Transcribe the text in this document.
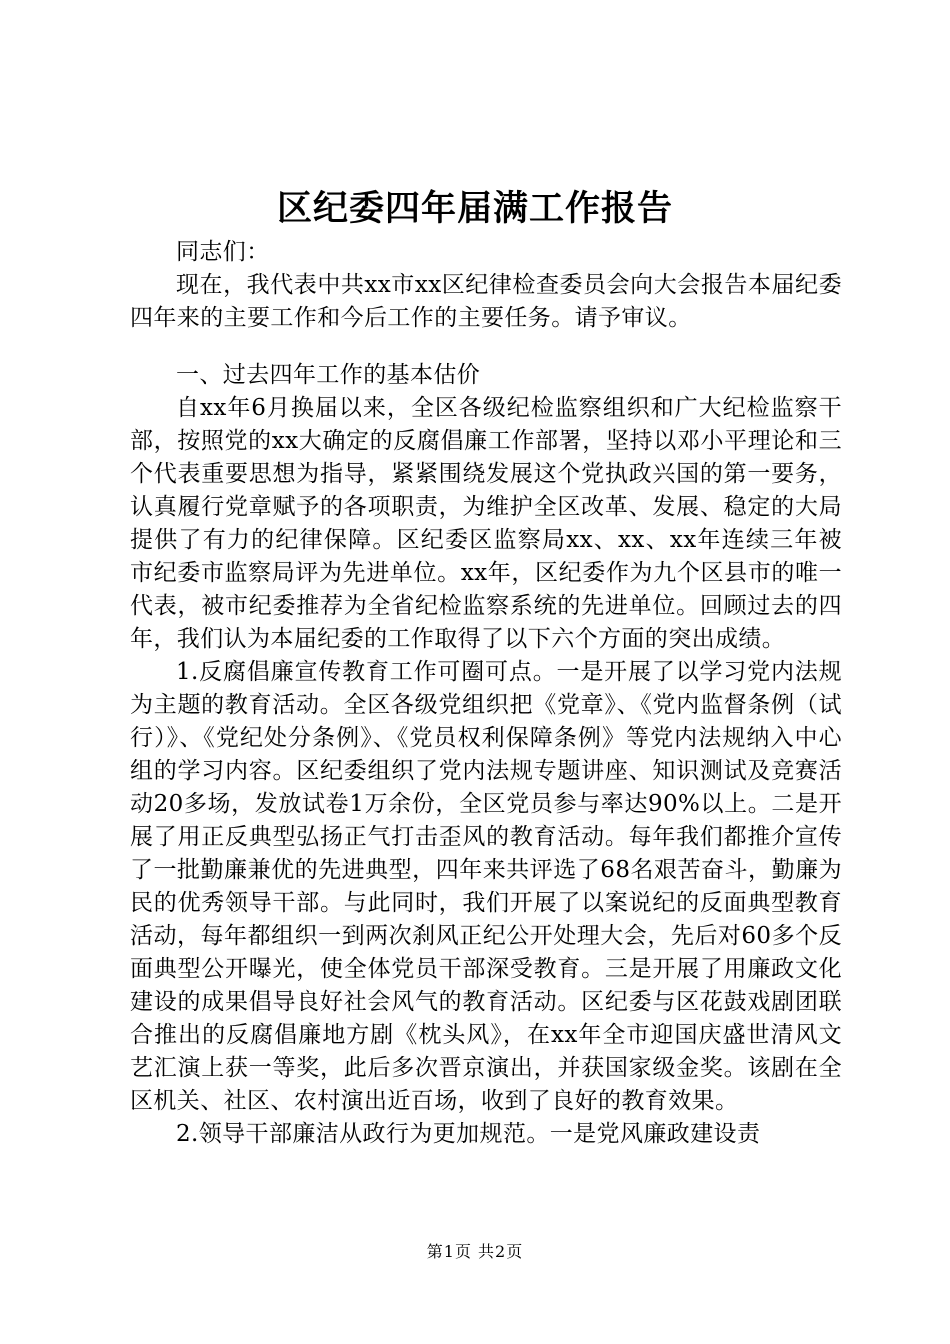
区纪委四年届满工作报告

同志们：

现在，我代表中共xx市xx区纪律检查委员会向大会报告本届纪委四年来的主要工作和今后工作的主要任务。请予审议。

一、过去四年工作的基本估价

自xx年6月换届以来，全区各级纪检监察组织和广大纪检监察干部，按照党的xx大确定的反腐倡廉工作部署，坚持以邓小平理论和三个代表重要思想为指导，紧紧围绕发展这个党执政兴国的第一要务，认真履行党章赋予的各项职责，为维护全区改革、发展、稳定的大局提供了有力的纪律保障。区纪委区监察局xx、xx、xx年连续三年被市纪委市监察局评为先进单位。xx年，区纪委作为九个区县市的唯一代表，被市纪委推荐为全省纪检监察系统的先进单位。回顾过去的四年，我们认为本届纪委的工作取得了以下六个方面的突出成绩。

1.反腐倡廉宣传教育工作可圈可点。一是开展了以学习党内法规为主题的教育活动。全区各级党组织把《党章》、《党内监督条例（试行）》、《党纪处分条例》、《党员权利保障条例》等党内法规纳入中心组的学习内容。区纪委组织了党内法规专题讲座、知识测试及竞赛活动20多场，发放试卷1万余份，全区党员参与率达90%以上。二是开展了用正反典型弘扬正气打击歪风的教育活动。每年我们都推介宣传了一批勤廉兼优的先进典型，四年来共评选了68名艰苦奋斗，勤廉为民的优秀领导干部。与此同时，我们开展了以案说纪的反面典型教育活动，每年都组织一到两次刹风正纪公开处理大会，先后对60多个反面典型公开曝光，使全体党员干部深受教育。三是开展了用廉政文化建设的成果倡导良好社会风气的教育活动。区纪委与区花鼓戏剧团联合推出的反腐倡廉地方剧《枕头风》，在xx年全市迎国庆盛世清风文艺汇演上获一等奖，此后多次晋京演出，并获国家级金奖。该剧在全区机关、社区、农村演出近百场，收到了良好的教育效果。

2.领导干部廉洁从政行为更加规范。一是党风廉政建设责

第1页 共2页
